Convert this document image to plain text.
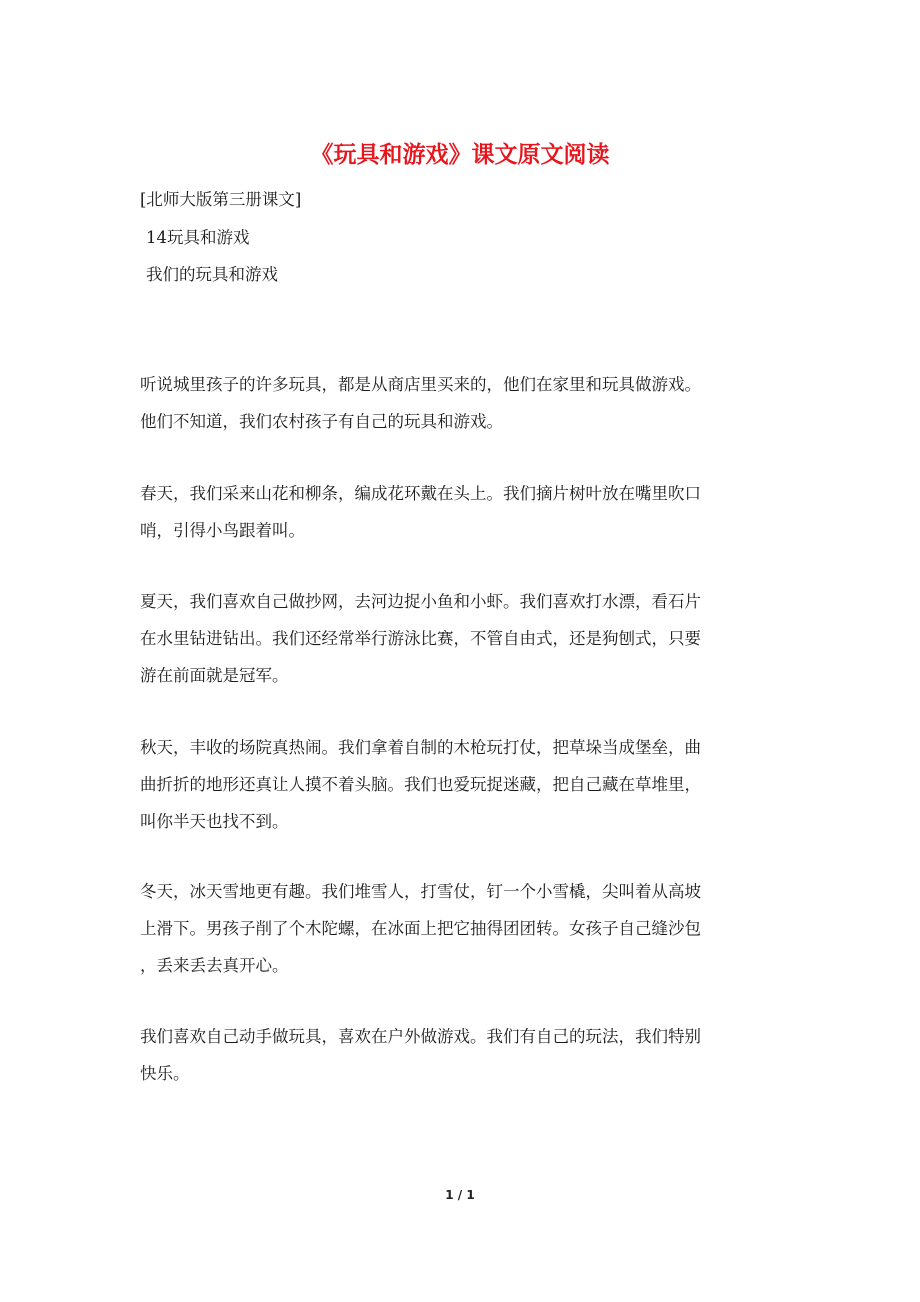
《玩具和游戏》课文原文阅读

[北师大版第三册课文]

14玩具和游戏

我们的玩具和游戏

听说城里孩子的许多玩具，都是从商店里买来的，他们在家里和玩具做游戏。
他们不知道，我们农村孩子有自己的玩具和游戏。
春天，我们采来山花和柳条，编成花环戴在头上。我们摘片树叶放在嘴里吹口
哨，引得小鸟跟着叫。
夏天，我们喜欢自己做抄网，去河边捉小鱼和小虾。我们喜欢打水漂，看石片
在水里钻进钻出。我们还经常举行游泳比赛，不管自由式，还是狗刨式，只要
游在前面就是冠军。
秋天，丰收的场院真热闹。我们拿着自制的木枪玩打仗，把草垛当成堡垒，曲
曲折折的地形还真让人摸不着头脑。我们也爱玩捉迷藏，把自己藏在草堆里，
叫你半天也找不到。
冬天，冰天雪地更有趣。我们堆雪人，打雪仗，钉一个小雪橇，尖叫着从高坡
上滑下。男孩子削了个木陀螺，在冰面上把它抽得团团转。女孩子自己缝沙包
，丢来丢去真开心。
我们喜欢自己动手做玩具，喜欢在户外做游戏。我们有自己的玩法，我们特别
快乐。

1 / 1
